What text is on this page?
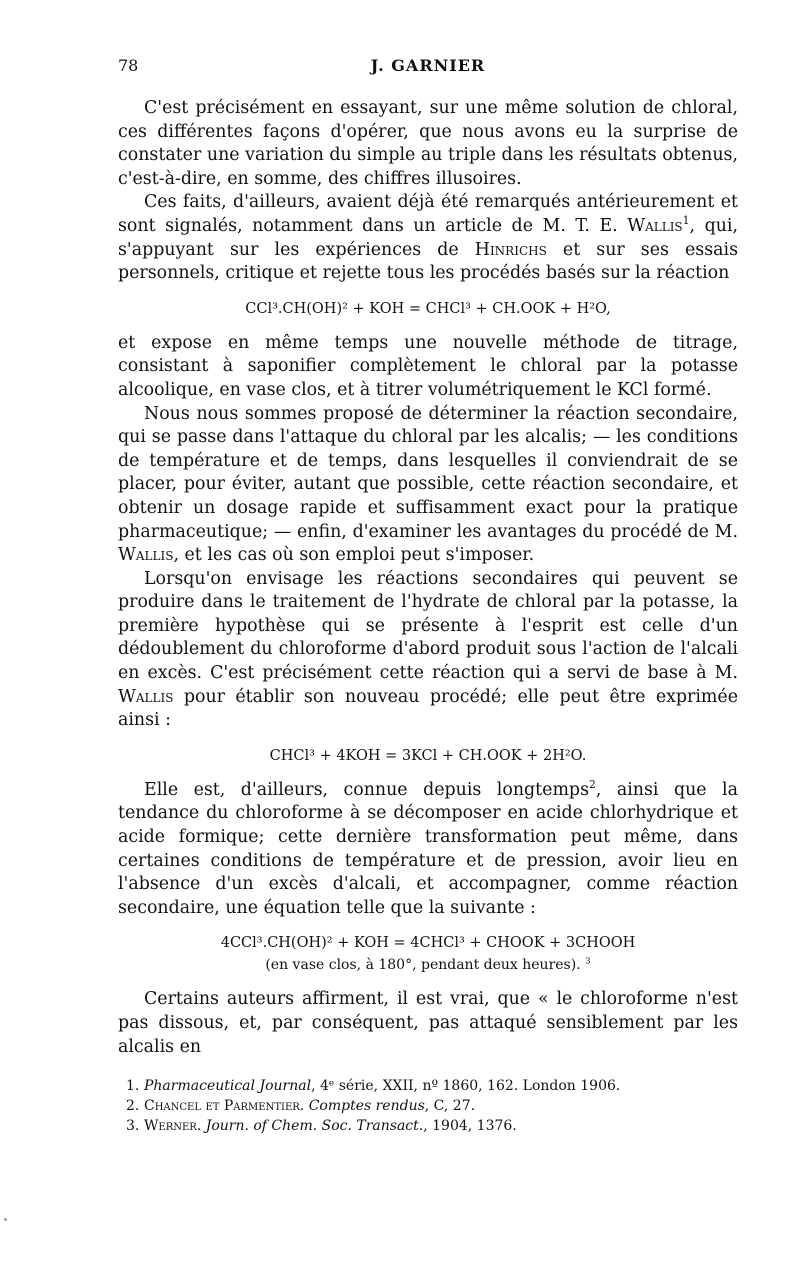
78	J. GARNIER

C'est précisément en essayant, sur une même solution de chloral, ces différentes façons d'opérer, que nous avons eu la surprise de constater une variation du simple au triple dans les résultats obtenus, c'est-à-dire, en somme, des chiffres illusoires.

Ces faits, d'ailleurs, avaient déjà été remarqués antérieurement et sont signalés, notamment dans un article de M. T. E. Wallis$^1$, qui, s'appuyant sur les expériences de Hinrichs et sur ses essais personnels, critique et rejette tous les procédés basés sur la réaction

CCl³.CH(OH)² + KOH = CHCl³ + CH.OOK + H²O,

et expose en même temps une nouvelle méthode de titrage, consistant à saponifier complètement le chloral par la potasse alcoolique, en vase clos, et à titrer volumétriquement le KCl formé.

Nous nous sommes proposé de déterminer la réaction secondaire, qui se passe dans l'attaque du chloral par les alcalis; — les conditions de température et de temps, dans lesquelles il conviendrait de se placer, pour éviter, autant que possible, cette réaction secondaire, et obtenir un dosage rapide et suffisamment exact pour la pratique pharmaceutique; — enfin, d'examiner les avantages du procédé de M. Wallis, et les cas où son emploi peut s'imposer.

Lorsqu'on envisage les réactions secondaires qui peuvent se produire dans le traitement de l'hydrate de chloral par la potasse, la première hypothèse qui se présente à l'esprit est celle d'un dédoublement du chloroforme d'abord produit sous l'action de l'alcali en excès. C'est précisément cette réaction qui a servi de base à M. Wallis pour établir son nouveau procédé; elle peut être exprimée ainsi :

CHCl³ + 4KOH = 3KCl + CH.OOK + 2H²O.

Elle est, d'ailleurs, connue depuis longtemps$^2$, ainsi que la tendance du chloroforme à se décomposer en acide chlorhydrique et acide formique; cette dernière transformation peut même, dans certaines conditions de température et de pression, avoir lieu en l'absence d'un excès d'alcali, et accompagner, comme réaction secondaire, une équation telle que la suivante :

4CCl³.CH(OH)² + KOH = 4CHCl³ + CHOOK + 3CHOOH
(en vase clos, à 180°, pendant deux heures). $^3$

Certains auteurs affirment, il est vrai, que « le chloroforme n'est pas dissous, et, par conséquent, pas attaqué sensiblement par les alcalis en

1. Pharmaceutical Journal, 4ᵉ série, XXII, nº 1860, 162. London 1906.

2. Chancel et Parmentier. Comptes rendus, C, 27.

3. Werner. Journ. of Chem. Soc. Transact., 1904, 1376.
